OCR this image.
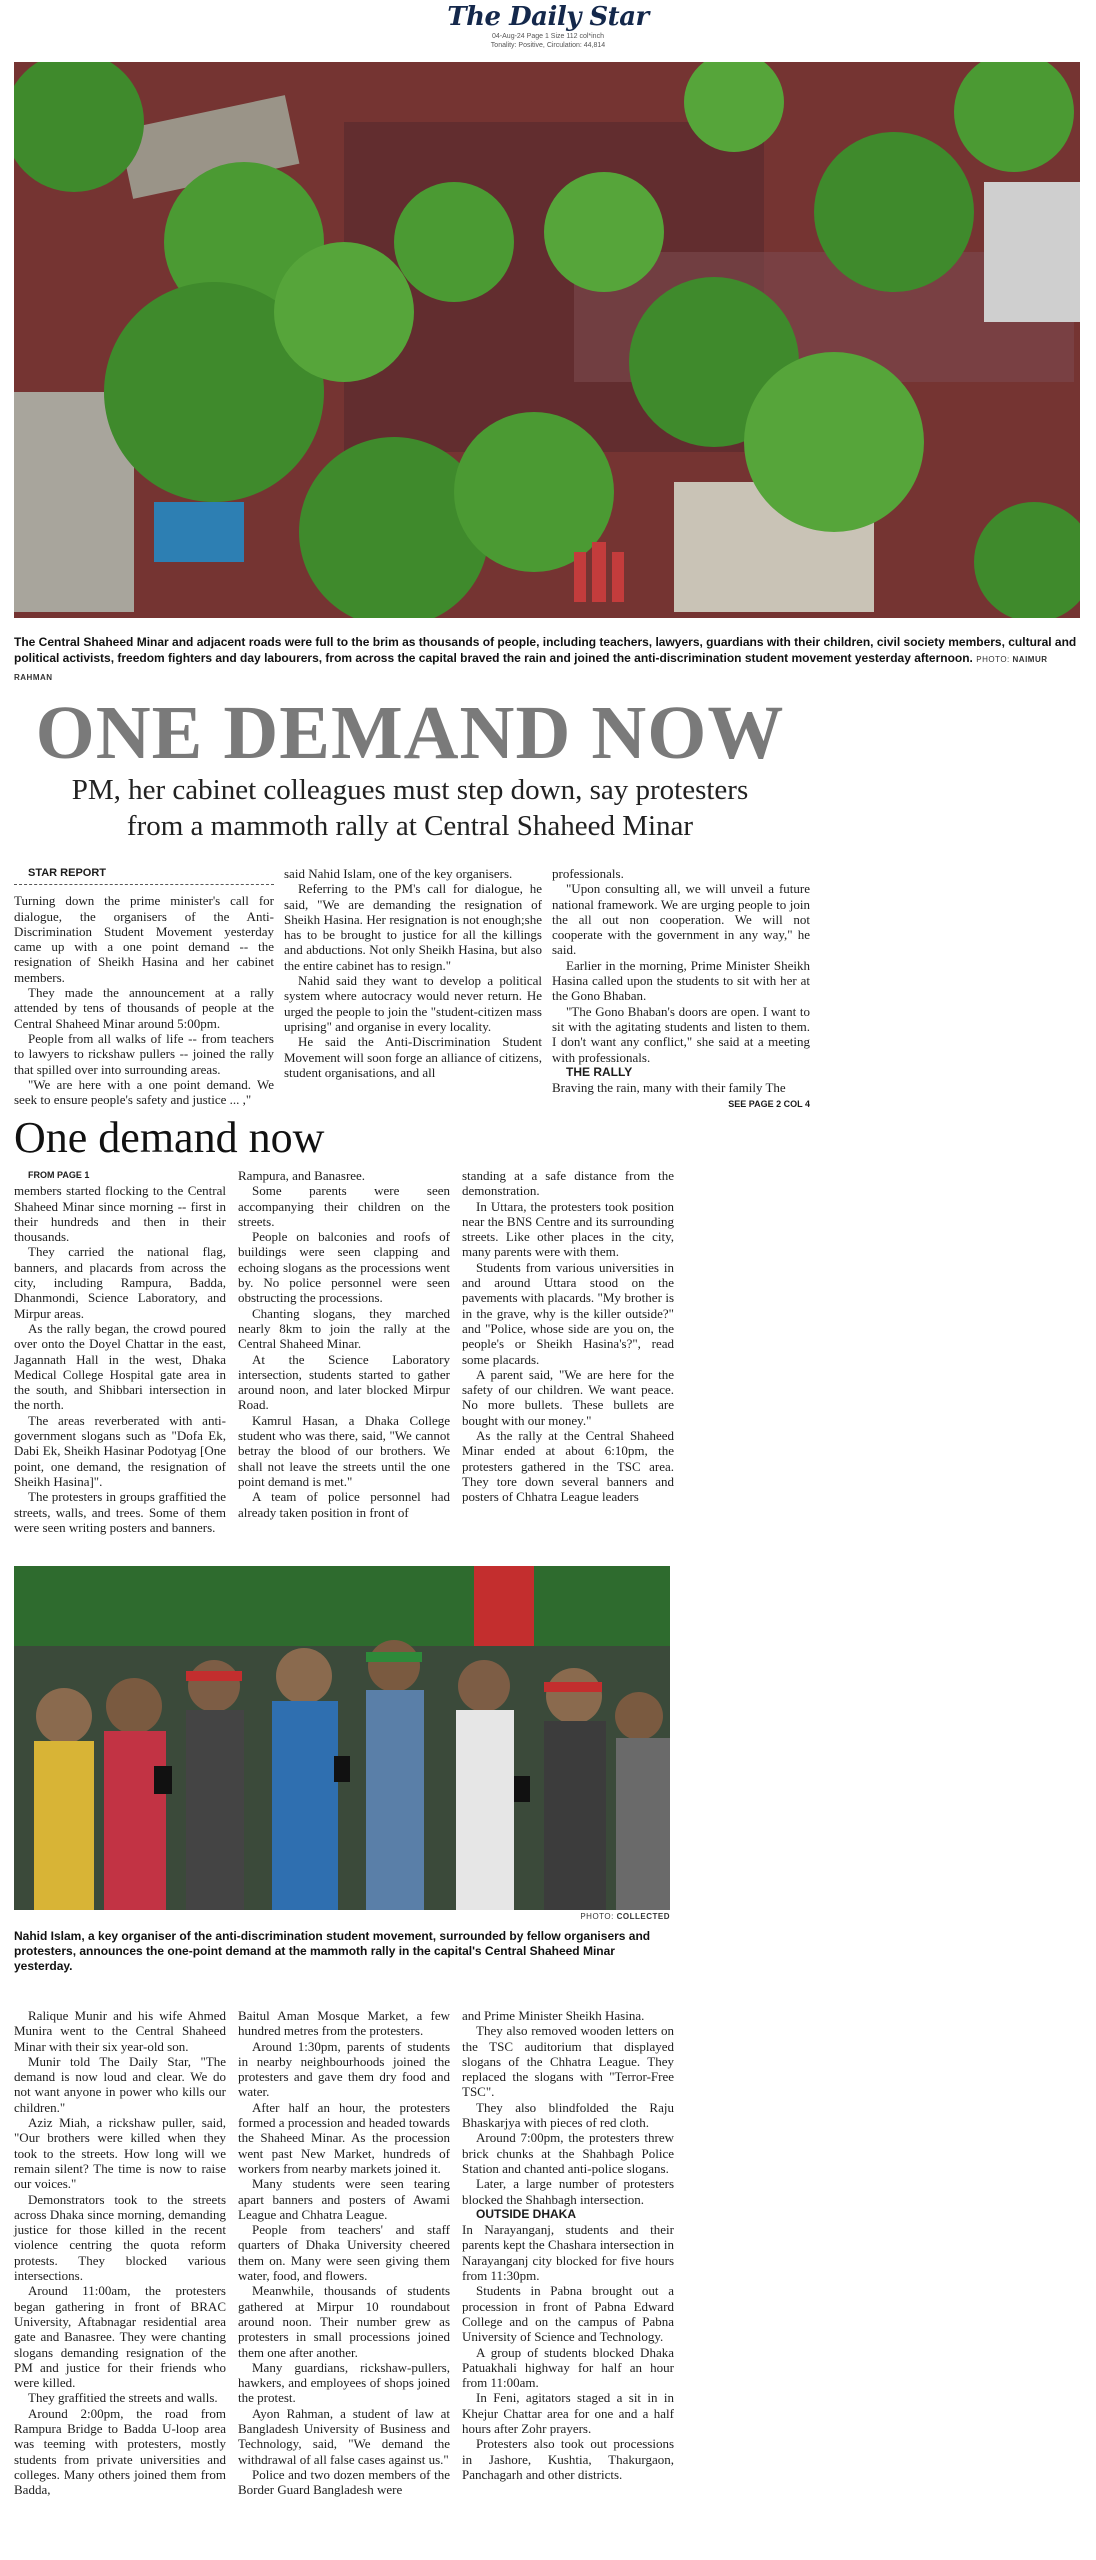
The Daily Star
04-Aug-24 Page 1 Size 112 col*inch
Tonality: Positive, Circulation: 44,814
The Central Shaheed Minar and adjacent roads were full to the brim as thousands of people, including teachers, lawyers, guardians with their children, civil society members, cultural and political activists, freedom fighters and day labourers, from across the capital braved the rain and joined the anti-discrimination student movement yesterday afternoon. PHOTO: NAIMUR RAHMAN
ONE DEMAND NOW
PM, her cabinet colleagues must step down, say protesters
from a mammoth rally at Central Shaheed Minar

STAR REPORT

Turning down the prime minister's call for dialogue, the organisers of the Anti-Discrimination Student Movement yesterday came up with a one point demand -- the resignation of Sheikh Hasina and her cabinet members.

They made the announcement at a rally attended by tens of thousands of people at the Central Shaheed Minar around 5:00pm.

People from all walks of life -- from teachers to lawyers to rickshaw pullers -- joined the rally that spilled over into surrounding areas.

"We are here with a one point demand. We seek to ensure people's safety and justice ... ,"

said Nahid Islam, one of the key organisers.

Referring to the PM's call for dialogue, he said, "We are demanding the resignation of Sheikh Hasina. Her resignation is not enough;she has to be brought to justice for all the killings and abductions. Not only Sheikh Hasina, but also the entire cabinet has to resign."

Nahid said they want to develop a political system where autocracy would never return. He urged the people to join the "student-citizen mass uprising" and organise in every locality.

He said the Anti-Discrimination Student Movement will soon forge an alliance of citizens, student organisations, and all

professionals.

"Upon consulting all, we will unveil a future national framework. We are urging people to join the all out non cooperation. We will not cooperate with the government in any way," he said.

Earlier in the morning, Prime Minister Sheikh Hasina called upon the students to sit with her at the Gono Bhaban.

"The Gono Bhaban's doors are open. I want to sit with the agitating students and listen to them. I don't want any conflict," she said at a meeting with professionals.

THE RALLY

Braving the rain, many with their family The

SEE PAGE 2 COL 4

One demand now

FROM PAGE 1

members started flocking to the Central Shaheed Minar since morning -- first in their hundreds and then in their thousands.

They carried the national flag, banners, and placards from across the city, including Rampura, Badda, Dhanmondi, Science Laboratory, and Mirpur areas.

As the rally began, the crowd poured over onto the Doyel Chattar in the east, Jagannath Hall in the west, Dhaka Medical College Hospital gate area in the south, and Shibbari intersection in the north.

The areas reverberated with anti-government slogans such as "Dofa Ek, Dabi Ek, Sheikh Hasinar Podotyag [One point, one demand, the resignation of Sheikh Hasina]".

The protesters in groups graffitied the streets, walls, and trees. Some of them were seen writing posters and banners.

Rampura, and Banasree.

Some parents were seen accompanying their children on the streets.

People on balconies and roofs of buildings were seen clapping and echoing slogans as the processions went by. No police personnel were seen obstructing the processions.

Chanting slogans, they marched nearly 8km to join the rally at the Central Shaheed Minar.

At the Science Laboratory intersection, students started to gather around noon, and later blocked Mirpur Road.

Kamrul Hasan, a Dhaka College student who was there, said, "We cannot betray the blood of our brothers. We shall not leave the streets until the one point demand is met."

A team of police personnel had already taken position in front of

standing at a safe distance from the demonstration.

In Uttara, the protesters took position near the BNS Centre and its surrounding streets. Like other places in the city, many parents were with them.

Students from various universities in and around Uttara stood on the pavements with placards. "My brother is in the grave, why is the killer outside?" and "Police, whose side are you on, the people's or Sheikh Hasina's?", read some placards.

A parent said, "We are here for the safety of our children. We want peace. No more bullets. These bullets are bought with our money."

As the rally at the Central Shaheed Minar ended at about 6:10pm, the protesters gathered in the TSC area. They tore down several banners and posters of Chhatra League leaders

PHOTO: COLLECTED
Nahid Islam, a key organiser of the anti-discrimination student movement, surrounded by fellow organisers and protesters, announces the one-point demand at the mammoth rally in the capital's Central Shaheed Minar yesterday.

Ralique Munir and his wife Ahmed Munira went to the Central Shaheed Minar with their six year-old son.

Munir told The Daily Star, "The demand is now loud and clear. We do not want anyone in power who kills our children."

Aziz Miah, a rickshaw puller, said, "Our brothers were killed when they took to the streets. How long will we remain silent? The time is now to raise our voices."

Demonstrators took to the streets across Dhaka since morning, demanding justice for those killed in the recent violence centring the quota reform protests. They blocked various intersections.

Around 11:00am, the protesters began gathering in front of BRAC University, Aftabnagar residential area gate and Banasree. They were chanting slogans demanding resignation of the PM and justice for their friends who were killed.

They graffitied the streets and walls.

Around 2:00pm, the road from Rampura Bridge to Badda U-loop area was teeming with protesters, mostly students from private universities and colleges. Many others joined them from Badda,

Baitul Aman Mosque Market, a few hundred metres from the protesters.

Around 1:30pm, parents of students in nearby neighbourhoods joined the protesters and gave them dry food and water.

After half an hour, the protesters formed a procession and headed towards the Shaheed Minar. As the procession went past New Market, hundreds of workers from nearby markets joined it.

Many students were seen tearing apart banners and posters of Awami League and Chhatra League.

People from teachers' and staff quarters of Dhaka University cheered them on. Many were seen giving them water, food, and flowers.

Meanwhile, thousands of students gathered at Mirpur 10 roundabout around noon. Their number grew as protesters in small processions joined them one after another.

Many guardians, rickshaw-pullers, hawkers, and employees of shops joined the protest.

Ayon Rahman, a student of law at Bangladesh University of Business and Technology, said, "We demand the withdrawal of all false cases against us."

Police and two dozen members of the Border Guard Bangladesh were

and Prime Minister Sheikh Hasina.

They also removed wooden letters on the TSC auditorium that displayed slogans of the Chhatra League. They replaced the slogans with "Terror-Free TSC".

They also blindfolded the Raju Bhaskarjya with pieces of red cloth.

Around 7:00pm, the protesters threw brick chunks at the Shahbagh Police Station and chanted anti-police slogans.

Later, a large number of protesters blocked the Shahbagh intersection.

OUTSIDE DHAKA

In Narayanganj, students and their parents kept the Chashara intersection in Narayanganj city blocked for five hours from 11:30pm.

Students in Pabna brought out a procession in front of Pabna Edward College and on the campus of Pabna University of Science and Technology.

A group of students blocked Dhaka Patuakhali highway for half an hour from 11:00am.

In Feni, agitators staged a sit in in Khejur Chattar area for one and a half hours after Zohr prayers.

Protesters also took out processions in Jashore, Kushtia, Thakurgaon, Panchagarh and other districts.
